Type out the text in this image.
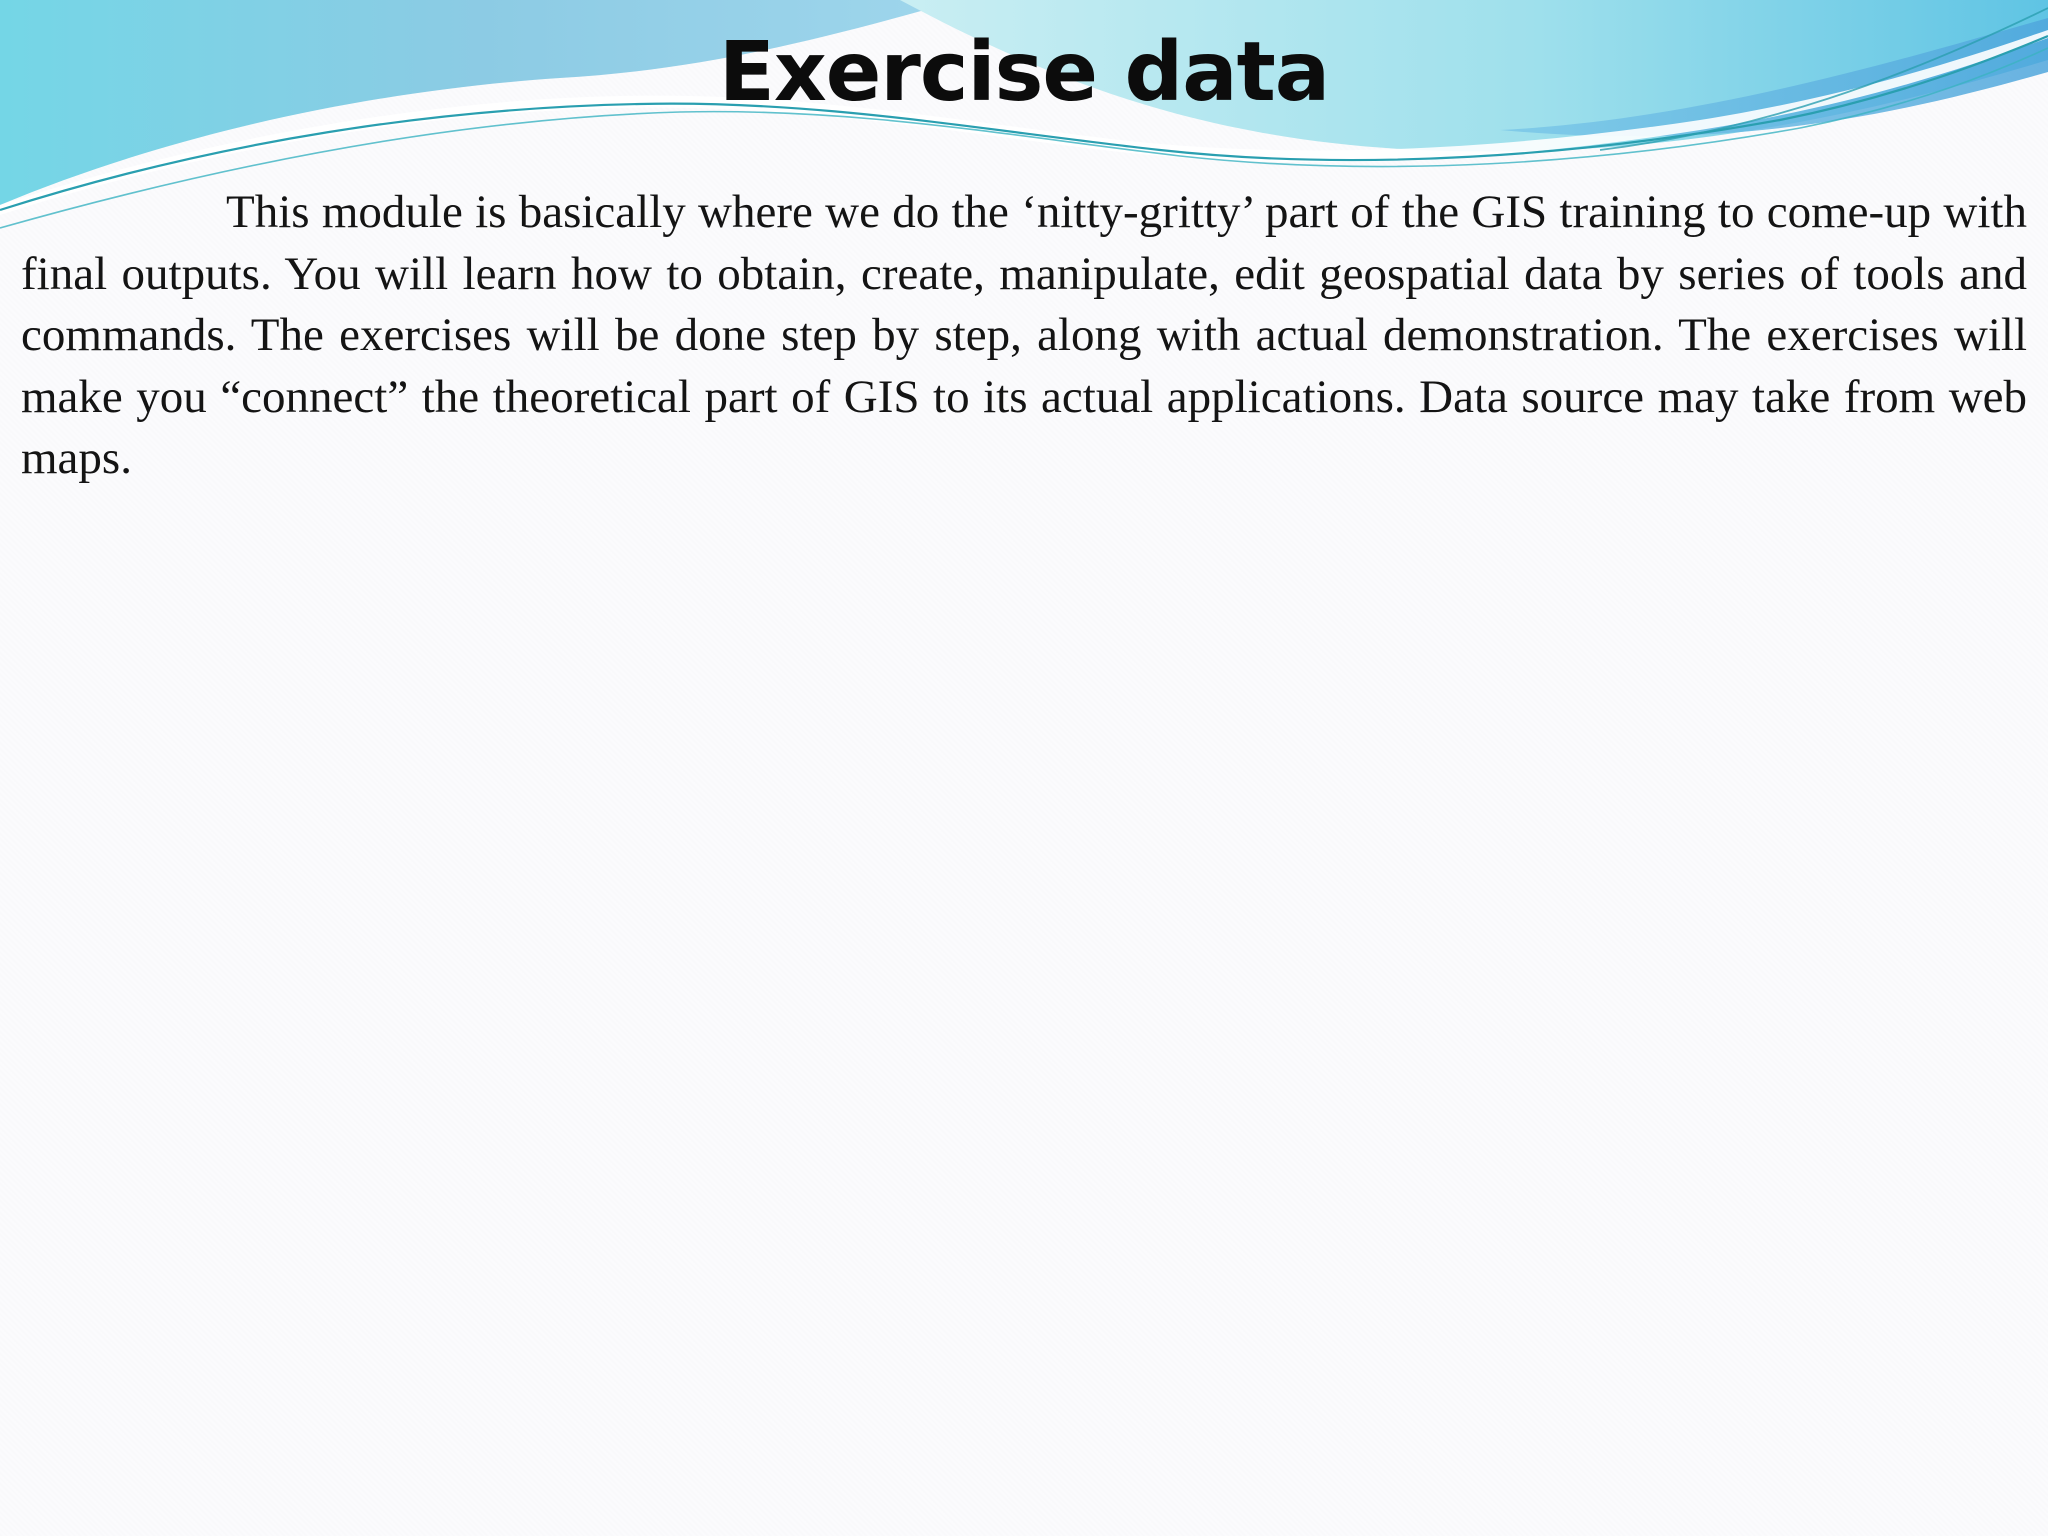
Exercise data

This module is basically where we do the ‘nitty-gritty’ part of the GIS training to come-up with final outputs. You will learn how to obtain, create, manipulate, edit geospatial data by series of tools and commands. The exercises will be done step by step, along with actual demonstration. The exercises will make you “connect” the theoretical part of GIS to its actual applications. Data source may take from web maps.
